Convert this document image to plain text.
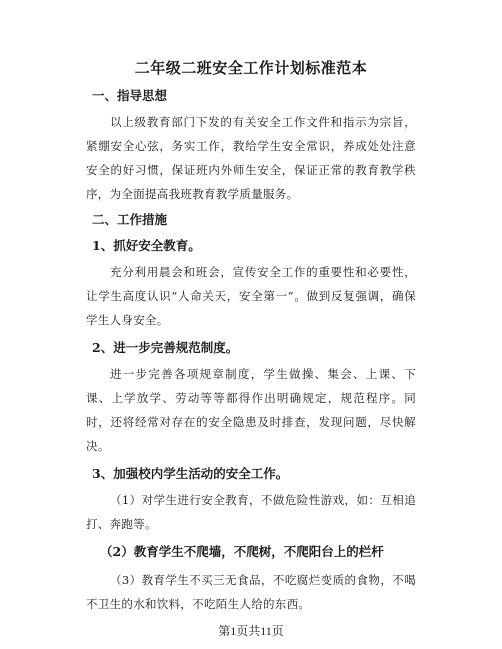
二年级二班安全工作计划标准范本
一、指导思想

以上级教育部门下发的有关安全工作文件和指示为宗旨，紧绷安全心弦，务实工作，教给学生安全常识，养成处处注意安全的好习惯，保证班内外师生安全，保证正常的教育教学秩序，为全面提高我班教育教学质量服务。

二、工作措施
1、抓好安全教育。

充分利用晨会和班会，宣传安全工作的重要性和必要性，让学生高度认识“人命关天，安全第一”。做到反复强调，确保学生人身安全。

2、进一步完善规范制度。

进一步完善各项规章制度，学生做操、集会、上课、下课、上学放学、劳动等等都得作出明确规定，规范程序。同时，还将经常对存在的安全隐患及时排查，发现问题，尽快解决。

3、加强校内学生活动的安全工作。

（1）对学生进行安全教育，不做危险性游戏，如：互相追打、奔跑等。

（2）教育学生不爬墙，不爬树，不爬阳台上的栏杆

（3）教育学生不买三无食品，不吃腐烂变质的食物，不喝不卫生的水和饮料，不吃陌生人给的东西。

第1页共11页
